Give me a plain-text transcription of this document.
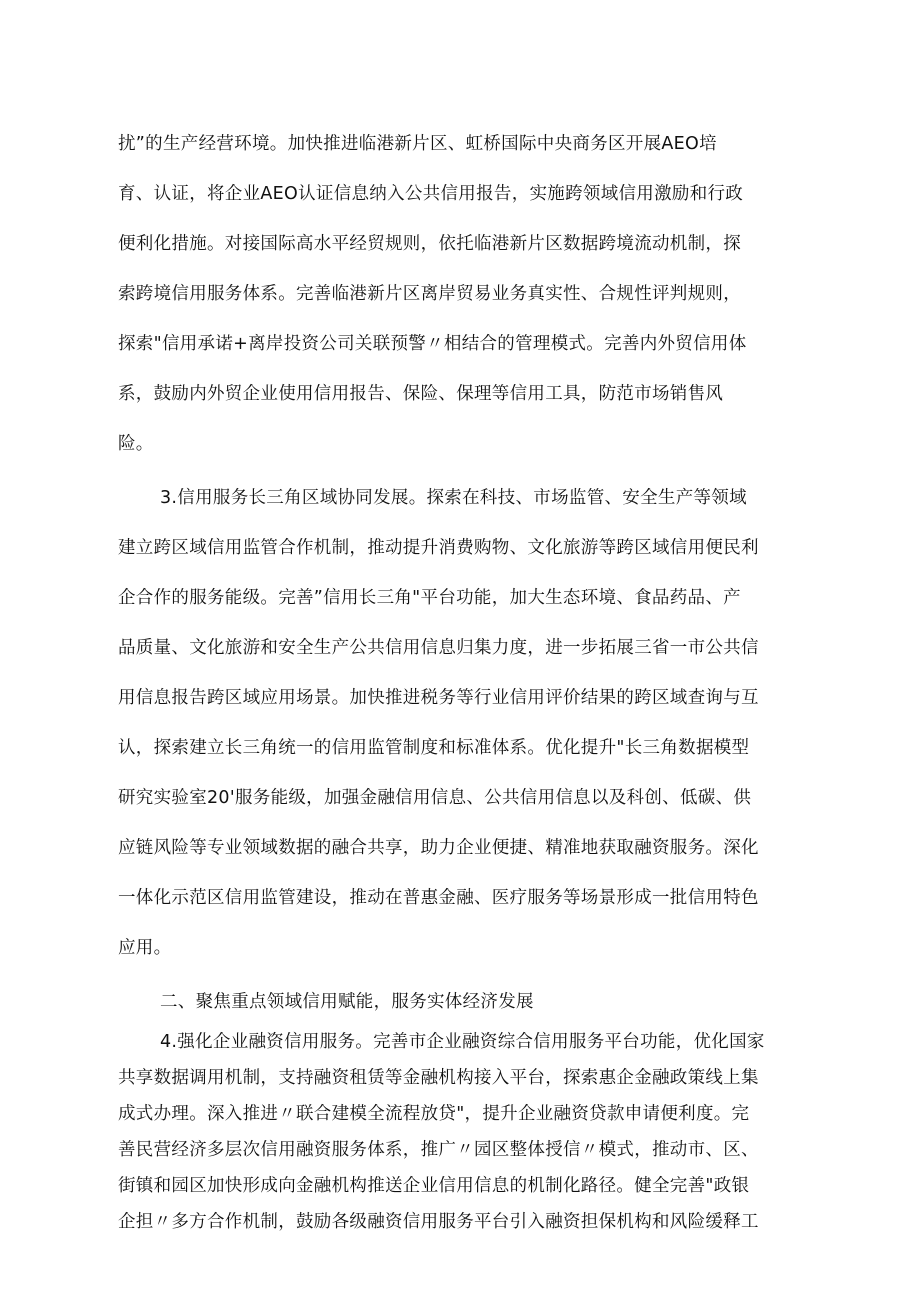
扰”的生产经营环境。加快推进临港新片区、虹桥国际中央商务区开展AEO培
育、认证，将企业AEO认证信息纳入公共信用报告，实施跨领域信用激励和行政
便利化措施。对接国际高水平经贸规则，依托临港新片区数据跨境流动机制，探
索跨境信用服务体系。完善临港新片区离岸贸易业务真实性、合规性评判规则，
探索"信用承诺+离岸投资公司关联预警〃相结合的管理模式。完善内外贸信用体
系，鼓励内外贸企业使用信用报告、保险、保理等信用工具，防范市场销售风
险。
3.信用服务长三角区域协同发展。探索在科技、市场监管、安全生产等领域
建立跨区域信用监管合作机制，推动提升消费购物、文化旅游等跨区域信用便民利
企合作的服务能级。完善”信用长三角"平台功能，加大生态环境、食品药品、产
品质量、文化旅游和安全生产公共信用信息归集力度，进一步拓展三省一市公共信
用信息报告跨区域应用场景。加快推进税务等行业信用评价结果的跨区域查询与互
认，探索建立长三角统一的信用监管制度和标准体系。优化提升"长三角数据模型
研究实验室20'服务能级，加强金融信用信息、公共信用信息以及科创、低碳、供
应链风险等专业领域数据的融合共享，助力企业便捷、精准地获取融资服务。深化
一体化示范区信用监管建设，推动在普惠金融、医疗服务等场景形成一批信用特色
应用。
二、聚焦重点领域信用赋能，服务实体经济发展
4.强化企业融资信用服务。完善市企业融资综合信用服务平台功能，优化国家
共享数据调用机制，支持融资租赁等金融机构接入平台，探索惠企金融政策线上集
成式办理。深入推进〃联合建模全流程放贷"，提升企业融资贷款申请便利度。完
善民营经济多层次信用融资服务体系，推广〃园区整体授信〃模式，推动市、区、
街镇和园区加快形成向金融机构推送企业信用信息的机制化路径。健全完善"政银
企担〃多方合作机制，鼓励各级融资信用服务平台引入融资担保机构和风险缓释工
